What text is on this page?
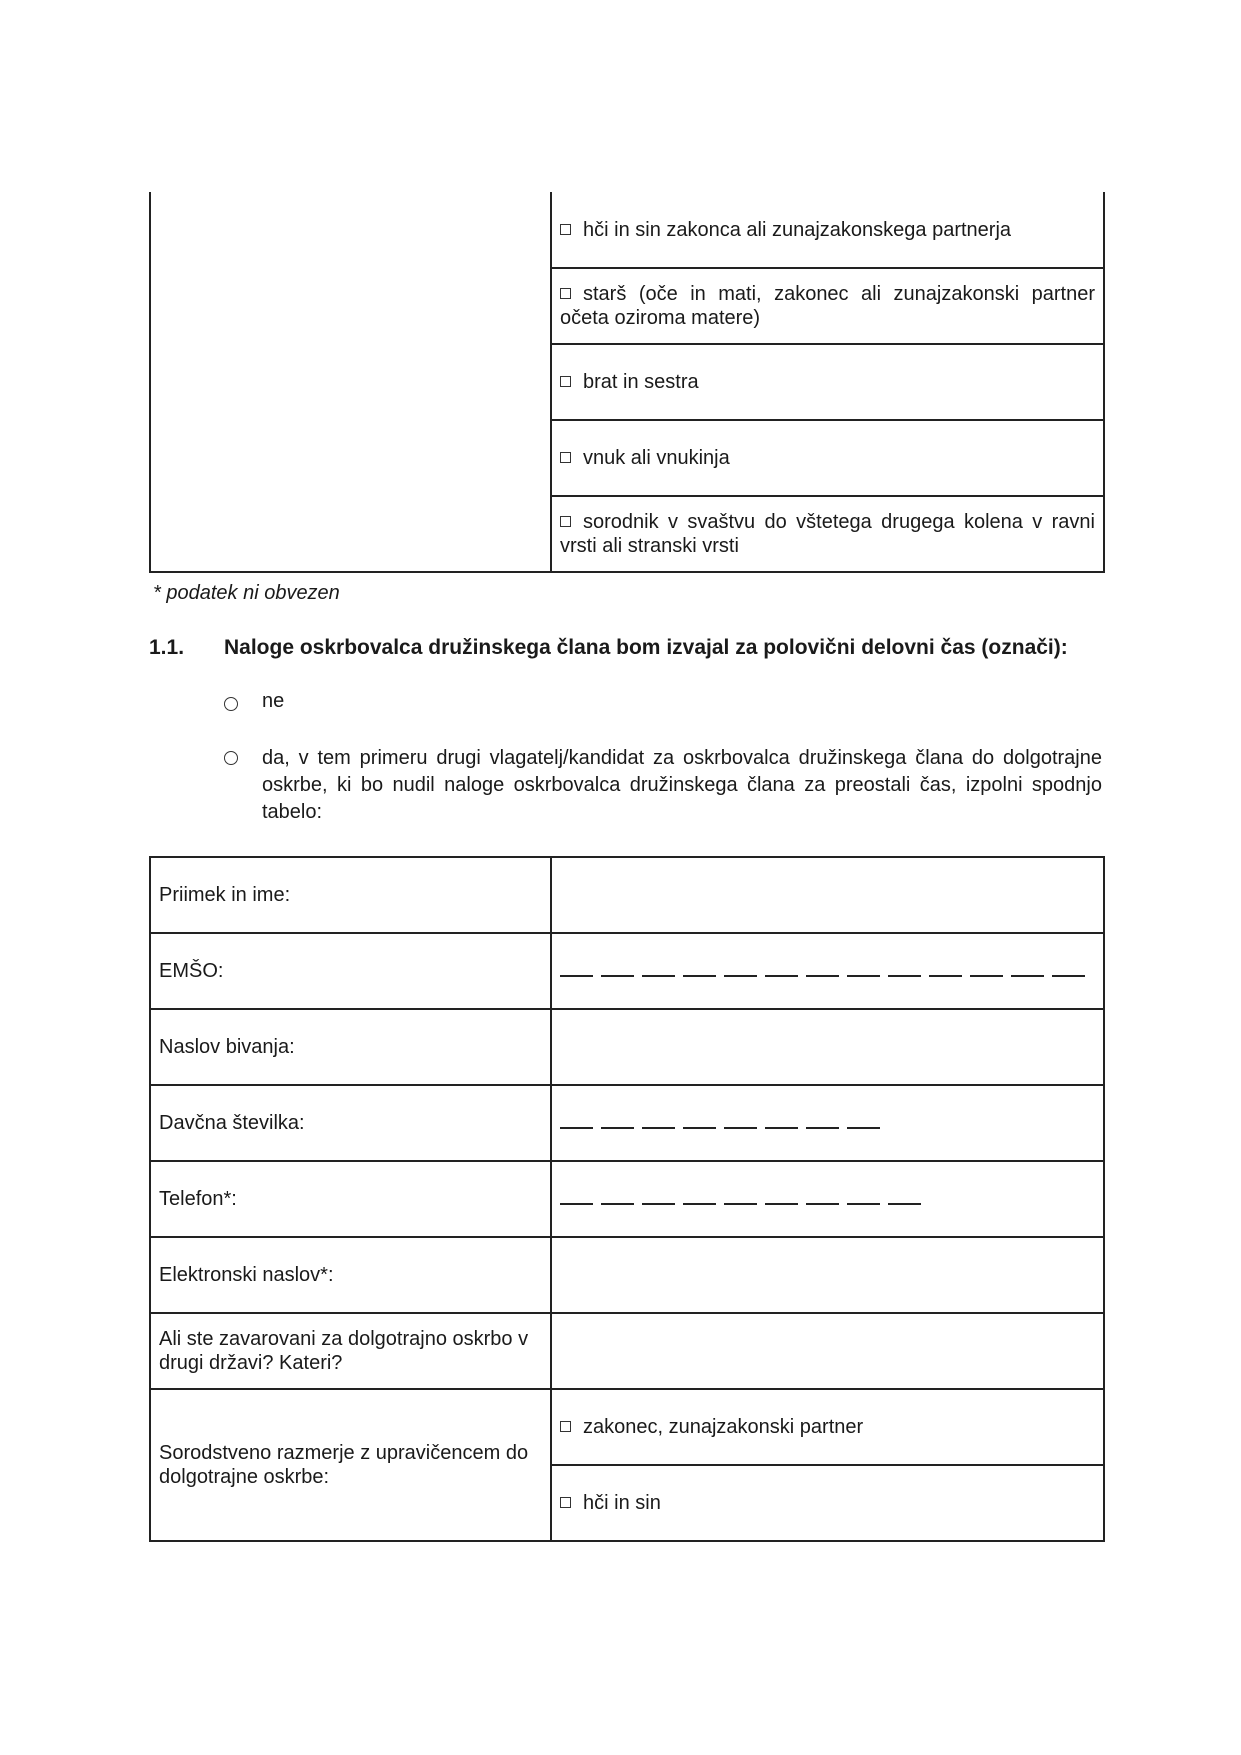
	hči in sin zakonca ali zunajzakonskega partnerja
starš (oče in mati, zakonec ali zunajzakonski partner očeta oziroma matere)
brat in sestra
vnuk ali vnukinja
sorodnik v svaštvu do vštetega drugega kolena v ravni vrsti ali stranski vrsti
* podatek ni obvezen
1.1. Naloge oskrbovalca družinskega člana bom izvajal za polovični delovni čas (označi):
ne
da, v tem primeru drugi vlagatelj/kandidat za oskrbovalca družinskega člana do dolgotrajne oskrbe, ki bo nudil naloge oskrbovalca družinskega člana za preostali čas, izpolni spodnjo tabelo:
Priimek in ime:	
EMŠO:	

Naslov bivanja:	
Davčna številka:	

Telefon*:	

Elektronski naslov*:	
Ali ste zavarovani za dolgotrajno oskrbo v drugi državi? Kateri?	
Sorodstveno razmerje z upravičencem do dolgotrajne oskrbe:	zakonec, zunajzakonski partner
	hči in sin
